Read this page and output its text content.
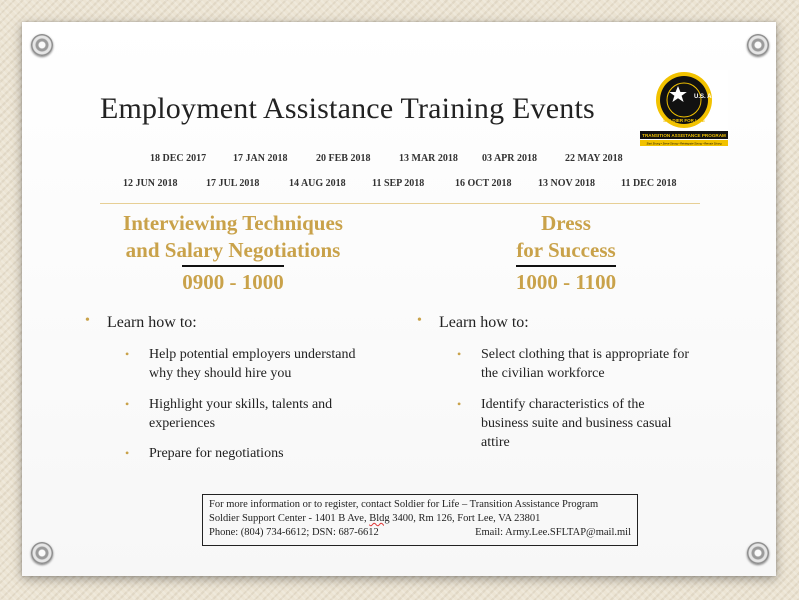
Employment Assistance Training Events	U.S. ARMY
SOLDIER FOR LIFE
TRANSITION ASSISTANCE PROGRAM
Start Strong • Serve Strong • Reintegrate Strong • Remain Strong
18 DEC 2017	17 JAN 2018	20 FEB 2018	13 MAR 2018 03 APR 2018	22 MAY 2018
12 JUN 2018	17 JUL 2018	14 AUG 2018	11 SEP 2018	16 OCT 2018	13 NOV 2018	11 DEC 2018
Interviewing Techniques
and Salary Negotiations
0900 - 1000
Dress
for Success
1000 - 1100
• Learn how to:
• Help potential employers understand
why they should hire you
• Highlight your skills, talents and
experiences
• Prepare for negotiations
• Learn how to:
• Select clothing that is appropriate for
the civilian workforce
• Identify characteristics of the
business suite and business casual
attire
For more information or to register, contact Soldier for Life – Transition Assistance Program
Soldier Support Center - 1401 B Ave, Bldg 3400, Rm 126, Fort Lee, VA 23801
Phone: (804) 734-6612; DSN: 687-6612	Email: Army.Lee.SFLTAP@mail.mil
